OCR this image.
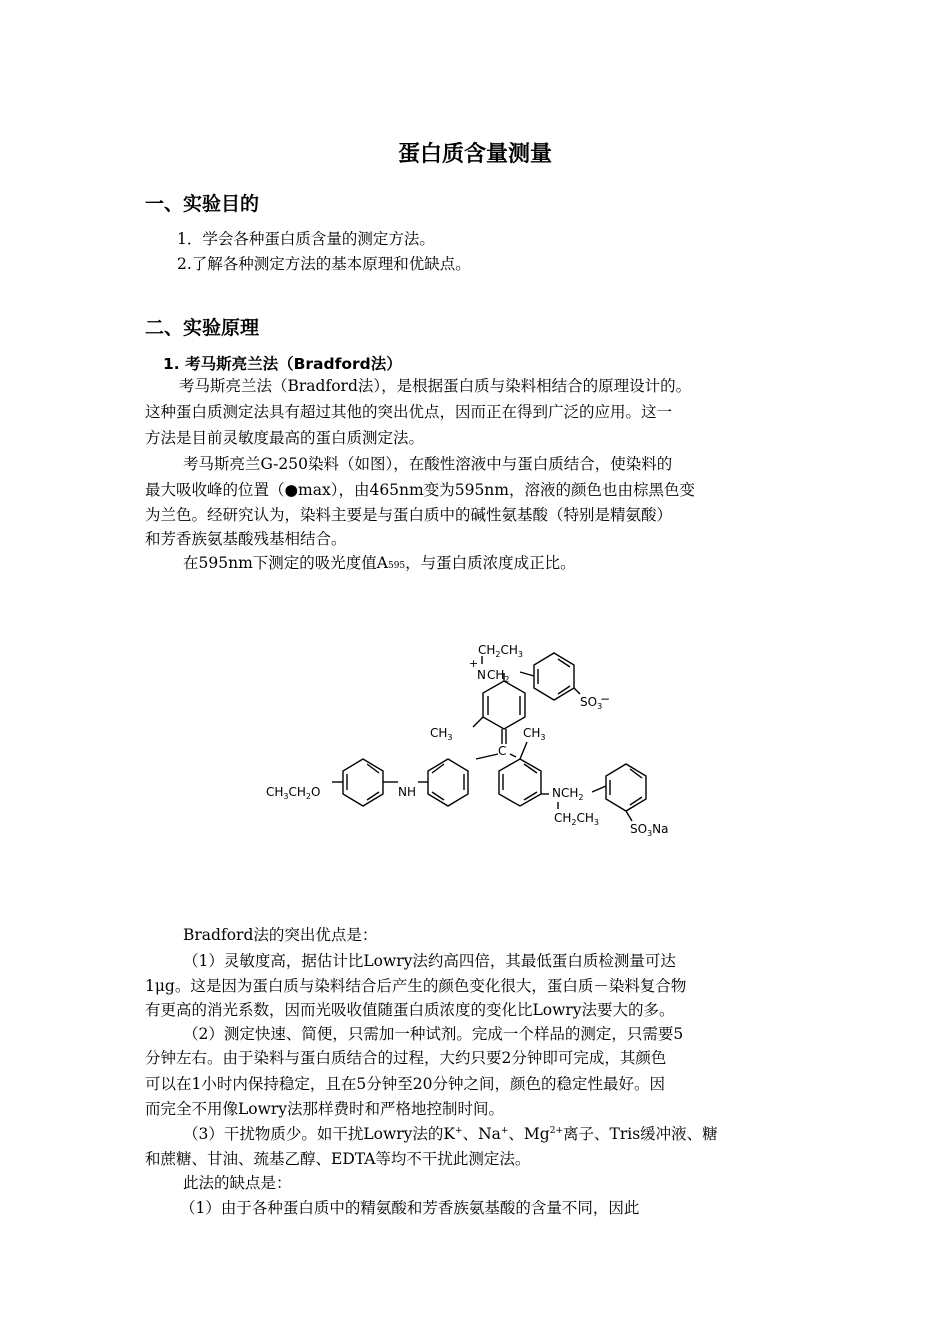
蛋白质含量测量
一、实验目的
1．学会各种蛋白质含量的测定方法。
2.了解各种测定方法的基本原理和优缺点。
二、实验原理
1. 考马斯亮兰法（Bradford法）
考马斯亮兰法（Bradford法），是根据蛋白质与染料相结合的原理设计的。
这种蛋白质测定法具有超过其他的突出优点，因而正在得到广泛的应用。这一
方法是目前灵敏度最高的蛋白质测定法。
考马斯亮兰G-250染料（如图），在酸性溶液中与蛋白质结合，使染料的
最大吸收峰的位置（●max），由465nm变为595nm，溶液的颜色也由棕黑色变
为兰色。经研究认为，染料主要是与蛋白质中的碱性氨基酸（特别是精氨酸）
和芳香族氨基酸残基相结合。
在595nm下测定的吸光度值A595，与蛋白质浓度成正比。
$CH_2CH_3$
+
N $CH_2$
$SO_3$
−
$CH_3$
C
$CH_3$
$CH_3CH_2O$	NH	$NCH_2$
$CH_2CH_3$	$SO_3Na$
Bradford法的突出优点是：
（1）灵敏度高，据估计比Lowry法约高四倍，其最低蛋白质检测量可达
1μg。这是因为蛋白质与染料结合后产生的颜色变化很大，蛋白质－染料复合物
有更高的消光系数，因而光吸收值随蛋白质浓度的变化比Lowry法要大的多。
（2）测定快速、简便，只需加一种试剂。完成一个样品的测定，只需要5
分钟左右。由于染料与蛋白质结合的过程，大约只要2分钟即可完成，其颜色
可以在1小时内保持稳定，且在5分钟至20分钟之间，颜色的稳定性最好。因
而完全不用像Lowry法那样费时和严格地控制时间。
（3）干扰物质少。如干扰Lowry法的K+、Na+、$Mg^{2+}$离子、Tris缓冲液、糖
和蔗糖、甘油、巯基乙醇、EDTA等均不干扰此测定法。
此法的缺点是：
（1）由于各种蛋白质中的精氨酸和芳香族氨基酸的含量不同，因此
